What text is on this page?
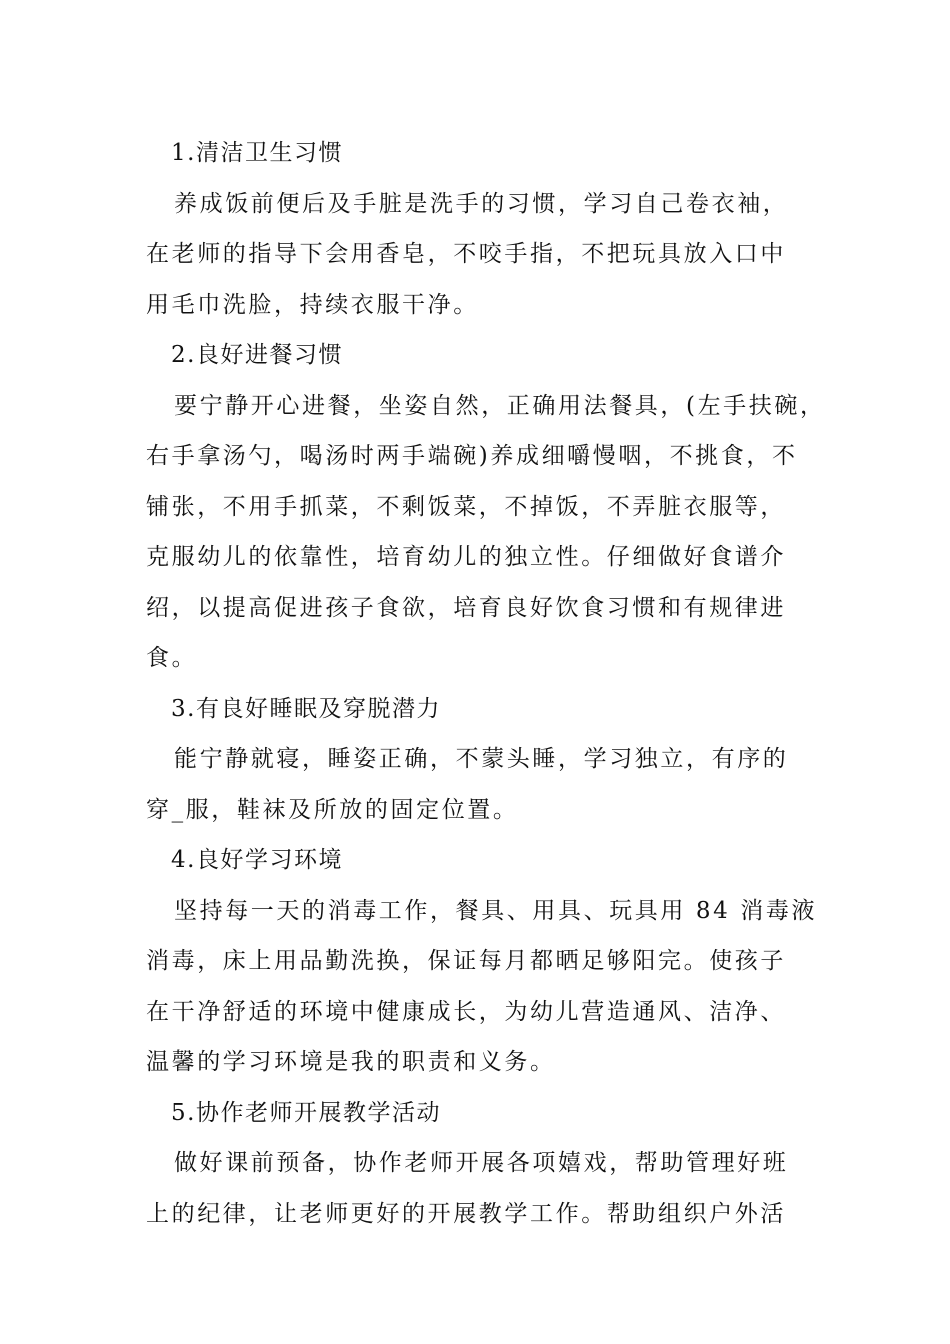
1.清洁卫生习惯
养成饭前便后及手脏是洗手的习惯，学习自己卷衣袖，
在老师的指导下会用香皂，不咬手指，不把玩具放入口中
用毛巾洗脸，持续衣服干净。
2.良好进餐习惯
要宁静开心进餐，坐姿自然，正确用法餐具，(左手扶碗，
右手拿汤勺，喝汤时两手端碗)养成细嚼慢咽，不挑食，不
铺张，不用手抓菜，不剩饭菜，不掉饭，不弄脏衣服等，
克服幼儿的依靠性，培育幼儿的独立性。仔细做好食谱介
绍，以提高促进孩子食欲，培育良好饮食习惯和有规律进
食。
3.有良好睡眠及穿脱潜力
能宁静就寝，睡姿正确，不蒙头睡，学习独立，有序的
穿_服，鞋袜及所放的固定位置。
4.良好学习环境
坚持每一天的消毒工作，餐具、用具、玩具用 84 消毒液
消毒，床上用品勤洗换，保证每月都晒足够阳完。使孩子
在干净舒适的环境中健康成长，为幼儿营造通风、洁净、
温馨的学习环境是我的职责和义务。
5.协作老师开展教学活动
做好课前预备，协作老师开展各项嬉戏，帮助管理好班
上的纪律，让老师更好的开展教学工作。帮助组织户外活
